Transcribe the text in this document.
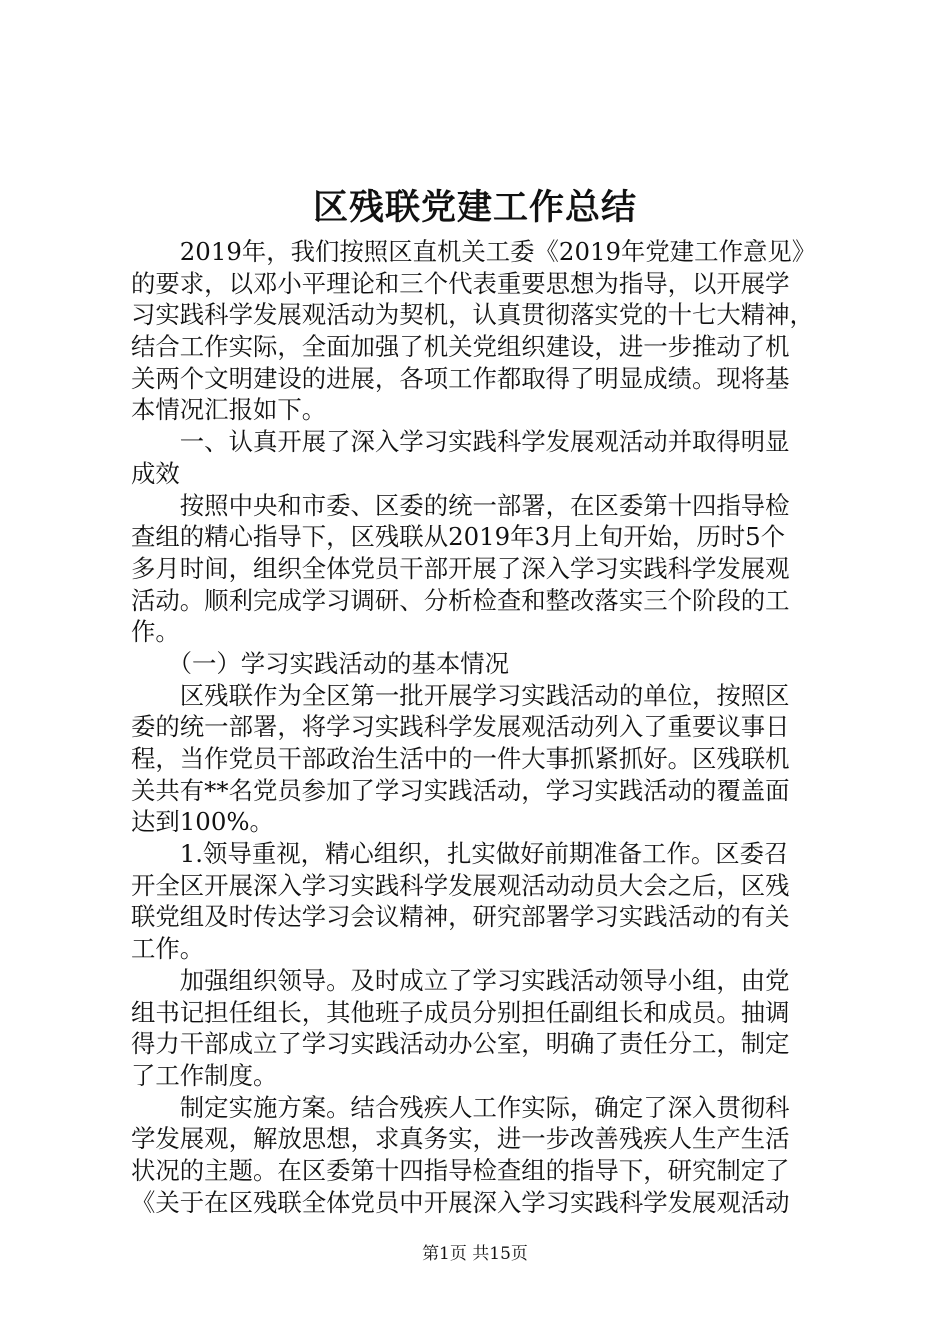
区残联党建工作总结
　　2019年，我们按照区直机关工委《2019年党建工作意见》
的要求，以邓小平理论和三个代表重要思想为指导，以开展学
习实践科学发展观活动为契机，认真贯彻落实党的十七大精神，
结合工作实际，全面加强了机关党组织建设，进一步推动了机
关两个文明建设的进展，各项工作都取得了明显成绩。现将基
本情况汇报如下。
　　一、认真开展了深入学习实践科学发展观活动并取得明显
成效
　　按照中央和市委、区委的统一部署，在区委第十四指导检
查组的精心指导下，区残联从2019年3月上旬开始，历时5个
多月时间，组织全体党员干部开展了深入学习实践科学发展观
活动。顺利完成学习调研、分析检查和整改落实三个阶段的工
作。
　　（一）学习实践活动的基本情况
　　区残联作为全区第一批开展学习实践活动的单位，按照区
委的统一部署，将学习实践科学发展观活动列入了重要议事日
程，当作党员干部政治生活中的一件大事抓紧抓好。区残联机
关共有**名党员参加了学习实践活动，学习实践活动的覆盖面
达到100%。
　　1.领导重视，精心组织，扎实做好前期准备工作。区委召
开全区开展深入学习实践科学发展观活动动员大会之后，区残
联党组及时传达学习会议精神，研究部署学习实践活动的有关
工作。
　　加强组织领导。及时成立了学习实践活动领导小组，由党
组书记担任组长，其他班子成员分别担任副组长和成员。抽调
得力干部成立了学习实践活动办公室，明确了责任分工，制定
了工作制度。
　　制定实施方案。结合残疾人工作实际，确定了深入贯彻科
学发展观，解放思想，求真务实，进一步改善残疾人生产生活
状况的主题。在区委第十四指导检查组的指导下，研究制定了
《关于在区残联全体党员中开展深入学习实践科学发展观活动
第1页 共15页
